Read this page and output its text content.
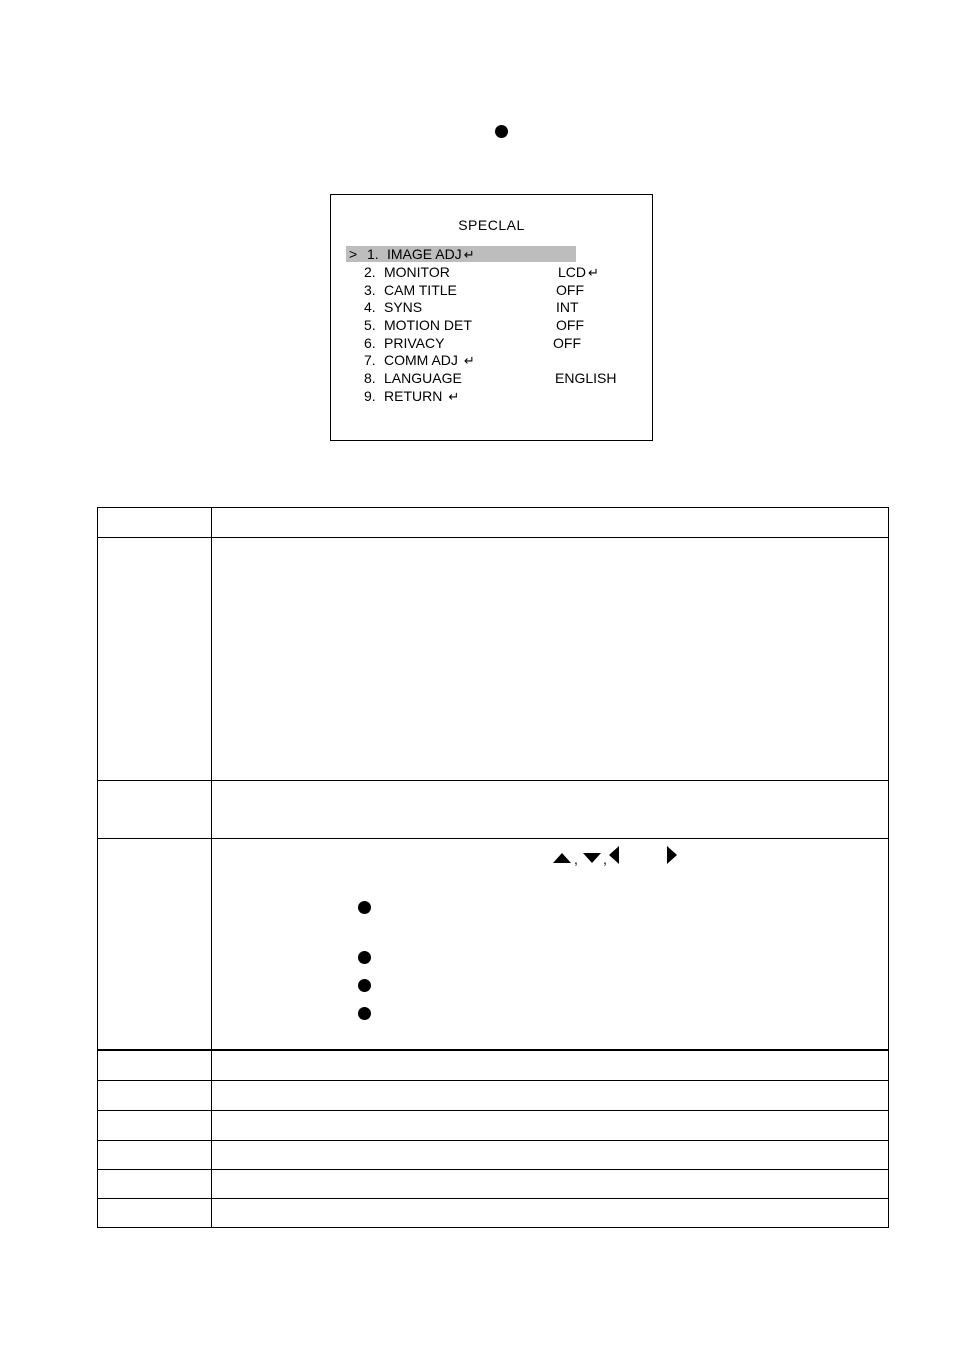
SPECLAL
> 1. IMAGE ADJ ↵
2. MONITOR	LCD ↵
3. CAM TITLE	OFF
4. SYNS	INT
5. MOTION DET	OFF
6. PRIVACY	OFF
7. COMM ADJ ↵
8. LANGUAGE	ENGLISH
9. RETURN ↵
, ,
